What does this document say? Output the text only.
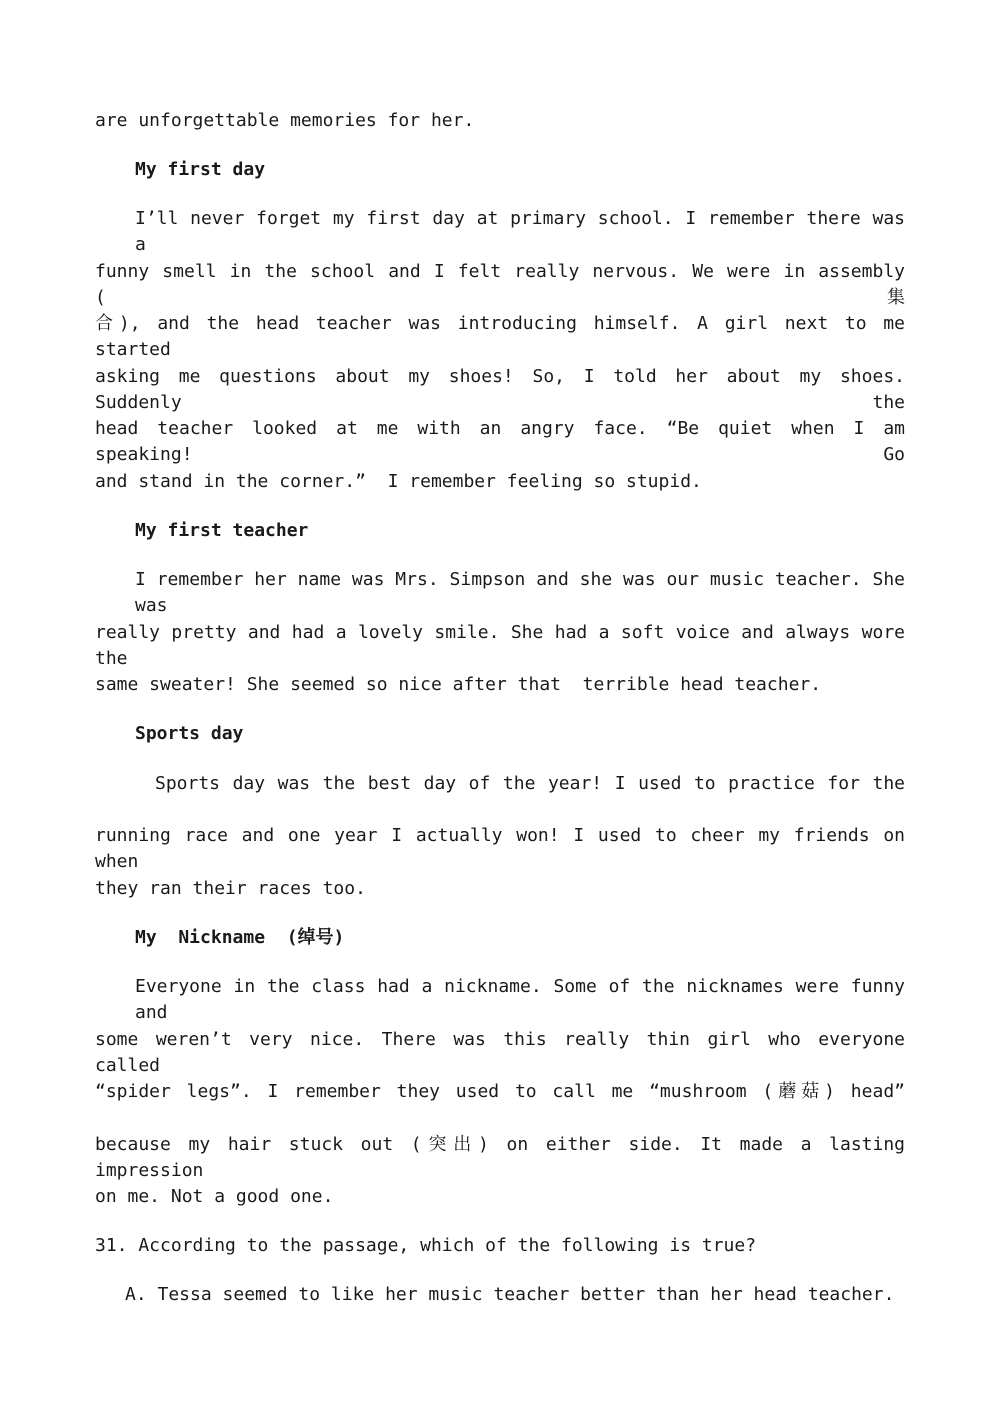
are unforgettable memories for her.

My first day

I’ll never forget my first day at primary school. I remember there was a

funny smell in the school and I felt really nervous. We were in assembly (集

合), and the head teacher was introducing himself. A girl next to me started

asking me questions about my shoes! So, I told her about my shoes. Suddenly the

head teacher looked at me with an angry face. “Be quiet when I am speaking! Go

and stand in the corner.”  I remember feeling so stupid.

My first teacher

I remember her name was Mrs. Simpson and she was our music teacher. She was

really pretty and had a lovely smile. She had a soft voice and always wore the

same sweater! She seemed so nice after that  terrible head teacher.

Sports day

Sports day was the best day of the year! I used to practice for the

running race and one year I actually won! I used to cheer my friends on when

they ran their races too.

My  Nickname  (绰号)

Everyone in the class had a nickname. Some of the nicknames were funny and

some weren’t very nice. There was this really thin girl who everyone called

“spider legs”. I remember they used to call me “mushroom (蘑菇) head”

because my hair stuck out (突出) on either side. It made a lasting impression

on me. Not a good one.

31. According to the passage, which of the following is true?

A. Tessa seemed to like her music teacher better than her head teacher.
